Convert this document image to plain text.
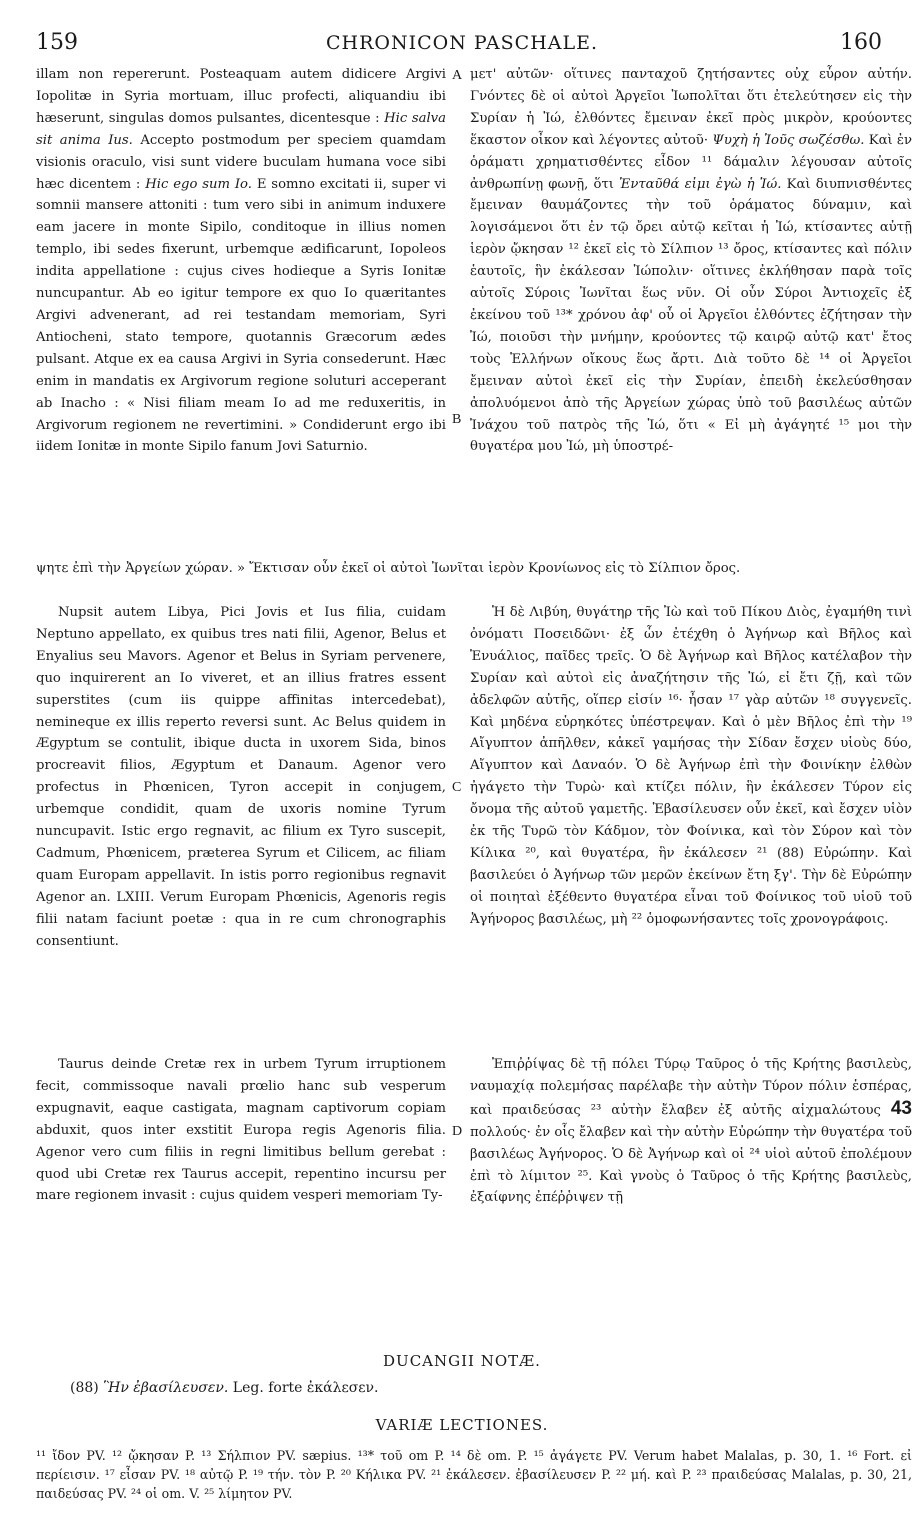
159	CHRONICON PASCHALE.	160
A
B
C
D

illam non repererunt. Posteaquam autem didicere Argivi Iopolitæ in Syria mortuam, illuc profecti, aliquandiu ibi hæserunt, singulas domos pulsantes, dicentesque : Hic salva sit anima Ius. Accepto postmodum per speciem quamdam visionis oraculo, visi sunt videre buculam humana voce sibi hæc dicentem : Hic ego sum Io. E somno excitati ii, super vi somnii mansere attoniti : tum vero sibi in animum induxere eam jacere in monte Sipilo, conditoque in illius nomen templo, ibi sedes fixerunt, urbemque ædificarunt, Iopoleos indita appellatione : cujus cives hodieque a Syris Ionitæ nuncupantur. Ab eo igitur tempore ex quo Io quæritantes Argivi advenerant, ad rei testandam memoriam, Syri Antiocheni, stato tempore, quotannis Græcorum ædes pulsant. Atque ex ea causa Argivi in Syria consederunt. Hæc enim in mandatis ex Argivorum regione soluturi acceperant ab Inacho : « Nisi filiam meam Io ad me reduxeritis, in Argivorum regionem ne revertimini. » Condiderunt ergo ibi iidem Ionitæ in monte Sipilo fanum Jovi Saturnio.

μετ' αὐτῶν· οἵτινες πανταχοῦ ζητήσαντες οὐχ εὗρον αὐτήν. Γνόντες δὲ οἱ αὐτοὶ Ἀργεῖοι Ἰωπολῖται ὅτι ἐτελεύτησεν εἰς τὴν Συρίαν ἡ Ἰώ, ἐλθόντες ἔμειναν ἐκεῖ πρὸς μικρὸν, κρούοντες ἕκαστον οἶκον καὶ λέγοντες αὐτοῦ· Ψυχὴ ἡ Ἰοῦς σωζέσθω. Καὶ ἐν ὁράματι χρηματισθέντες εἶδον ¹¹ δάμαλιν λέγουσαν αὐτοῖς ἀνθρωπίνῃ φωνῇ, ὅτι Ἐνταῦθά εἰμι ἐγὼ ἡ Ἰώ. Καὶ διυπνισθέντες ἔμειναν θαυμάζοντες τὴν τοῦ ὁράματος δύναμιν, καὶ λογισάμενοι ὅτι ἐν τῷ ὄρει αὐτῷ κεῖται ἡ Ἰώ, κτίσαντες αὐτῇ ἱερὸν ᾤκησαν ¹² ἐκεῖ εἰς τὸ Σίλπιον ¹³ ὄρος, κτίσαντες καὶ πόλιν ἑαυτοῖς, ἣν ἐκάλεσαν Ἰώπολιν· οἵτινες ἐκλήθησαν παρὰ τοῖς αὐτοῖς Σύροις Ἰωνῖται ἕως νῦν. Οἱ οὖν Σύροι Ἀντιοχεῖς ἐξ ἐκείνου τοῦ ¹³* χρόνου ἀφ' οὗ οἱ Ἀργεῖοι ἐλθόντες ἐζήτησαν τὴν Ἰώ, ποιοῦσι τὴν μνήμην, κρούοντες τῷ καιρῷ αὐτῷ κατ' ἔτος τοὺς Ἑλλήνων οἴκους ἕως ἄρτι. Διὰ τοῦτο δὲ ¹⁴ οἱ Ἀργεῖοι ἔμειναν αὐτοὶ ἐκεῖ εἰς τὴν Συρίαν, ἐπειδὴ ἐκελεύσθησαν ἀπολυόμενοι ἀπὸ τῆς Ἀργείων χώρας ὑπὸ τοῦ βασιλέως αὐτῶν Ἰνάχου τοῦ πατρὸς τῆς Ἰώ, ὅτι « Εἰ μὴ ἀγάγητέ ¹⁵ μοι τὴν θυγατέρα μου Ἰώ, μὴ ὑποστρέ-

ψητε ἐπὶ τὴν Ἀργείων χώραν. » Ἔκτισαν οὖν ἐκεῖ οἱ αὐτοὶ Ἰωνῖται ἱερὸν Κρονίωνος εἰς τὸ Σίλπιον ὄρος.

Nupsit autem Libya, Pici Jovis et Ius filia, cuidam Neptuno appellato, ex quibus tres nati filii, Agenor, Belus et Enyalius seu Mavors. Agenor et Belus in Syriam pervenere, quo inquirerent an Io viveret, et an illius fratres essent superstites (cum iis quippe affinitas intercedebat), nemineque ex illis reperto reversi sunt. Ac Belus quidem in Ægyptum se contulit, ibique ducta in uxorem Sida, binos procreavit filios, Ægyptum et Danaum. Agenor vero profectus in Phœnicen, Tyron accepit in conjugem, urbemque condidit, quam de uxoris nomine Tyrum nuncupavit. Istic ergo regnavit, ac filium ex Tyro suscepit, Cadmum, Phœnicem, præterea Syrum et Cilicem, ac filiam quam Europam appellavit. In istis porro regionibus regnavit Agenor an. LXIII. Verum Europam Phœnicis, Agenoris regis filii natam faciunt poetæ : qua in re cum chronographis consentiunt.

Ἡ δὲ Λιβύη, θυγάτηρ τῆς Ἰὼ καὶ τοῦ Πίκου Διὸς, ἐγαμήθη τινὶ ὀνόματι Ποσειδῶνι· ἐξ ὧν ἐτέχθη ὁ Ἀγήνωρ καὶ Βῆλος καὶ Ἐνυάλιος, παῖδες τρεῖς. Ὁ δὲ Ἀγήνωρ καὶ Βῆλος κατέλαβον τὴν Συρίαν καὶ αὐτοὶ εἰς ἀναζήτησιν τῆς Ἰώ, εἰ ἔτι ζῇ, καὶ τῶν ἀδελφῶν αὐτῆς, οἵπερ εἰσίν ¹⁶· ἦσαν ¹⁷ γὰρ αὐτῶν ¹⁸ συγγενεῖς. Καὶ μηδένα εὑρηκότες ὑπέστρεψαν. Καὶ ὁ μὲν Βῆλος ἐπὶ τὴν ¹⁹ Αἴγυπτον ἀπῆλθεν, κἀκεῖ γαμήσας τὴν Σίδαν ἔσχεν υἱοὺς δύο, Αἴγυπτον καὶ Δαναόν. Ὁ δὲ Ἀγήνωρ ἐπὶ τὴν Φοινίκην ἐλθὼν ἠγάγετο τὴν Τυρὼ· καὶ κτίζει πόλιν, ἣν ἐκάλεσεν Τύρον εἰς ὄνομα τῆς αὐτοῦ γαμετῆς. Ἐβασίλευσεν οὖν ἐκεῖ, καὶ ἔσχεν υἱὸν ἐκ τῆς Τυρῶ τὸν Κάδμον, τὸν Φοίνικα, καὶ τὸν Σύρον καὶ τὸν Κίλικα ²⁰, καὶ θυγατέρα, ἣν ἐκάλεσεν ²¹ (88) Εὐρώπην. Καὶ βασιλεύει ὁ Ἀγήνωρ τῶν μερῶν ἐκείνων ἔτη ξγ'. Τὴν δὲ Εὐρώπην οἱ ποιηταὶ ἐξέθεντο θυγατέρα εἶναι τοῦ Φοίνικος τοῦ υἱοῦ τοῦ Ἀγήνορος βασιλέως, μὴ ²² ὁμοφωνήσαντες τοῖς χρονογράφοις.

Taurus deinde Cretæ rex in urbem Tyrum irruptionem fecit, commissoque navali prœlio hanc sub vesperum expugnavit, eaque castigata, magnam captivorum copiam abduxit, quos inter exstitit Europa regis Agenoris filia. Agenor vero cum filiis in regni limitibus bellum gerebat : quod ubi Cretæ rex Taurus accepit, repentino incursu per mare regionem invasit : cujus quidem vesperi memoriam Ty-

Ἐπιῤῥίψας δὲ τῇ πόλει Τύρῳ Ταῦρος ὁ τῆς Κρήτης βασιλεὺς, ναυμαχίᾳ πολεμήσας παρέλαβε τὴν αὐτὴν Τύρον πόλιν ἑσπέρας, καὶ πραιδεύσας ²³ αὐτὴν ἔλαβεν ἐξ αὐτῆς αἰχμαλώτους 43 πολλούς· ἐν οἷς ἔλαβεν καὶ τὴν αὐτὴν Εὐρώπην τὴν θυγατέρα τοῦ βασιλέως Ἀγήνορος. Ὁ δὲ Ἀγήνωρ καὶ οἱ ²⁴ υἱοὶ αὐτοῦ ἐπολέμουν ἐπὶ τὸ λίμιτον ²⁵. Καὶ γνοὺς ὁ Ταῦρος ὁ τῆς Κρήτης βασιλεὺς, ἐξαίφνης ἐπέῤῥιψεν τῇ

DUCANGII NOTÆ.
(88) Ἣν ἐβασίλευσεν. Leg. forte ἐκάλεσεν.
VARIÆ LECTIONES.

¹¹ ἴδον PV. ¹² ᾤκησαν P. ¹³ Σήλπιον PV. sæpius. ¹³* τοῦ om P. ¹⁴ δὲ om. P. ¹⁵ ἀγάγετε PV. Verum habet Malalas, p. 30, 1. ¹⁶ Fort. εἰ περίεισιν. ¹⁷ εἶσαν PV. ¹⁸ αὐτῷ P. ¹⁹ τήν. τὸν P. ²⁰ Κήλικα PV. ²¹ ἐκάλεσεν. ἐβασίλευσεν P. ²² μή. καὶ P. ²³ πραιδεύσας Malalas, p. 30, 21, παιδεύσας PV. ²⁴ οἱ om. V. ²⁵ λίμητον PV.
